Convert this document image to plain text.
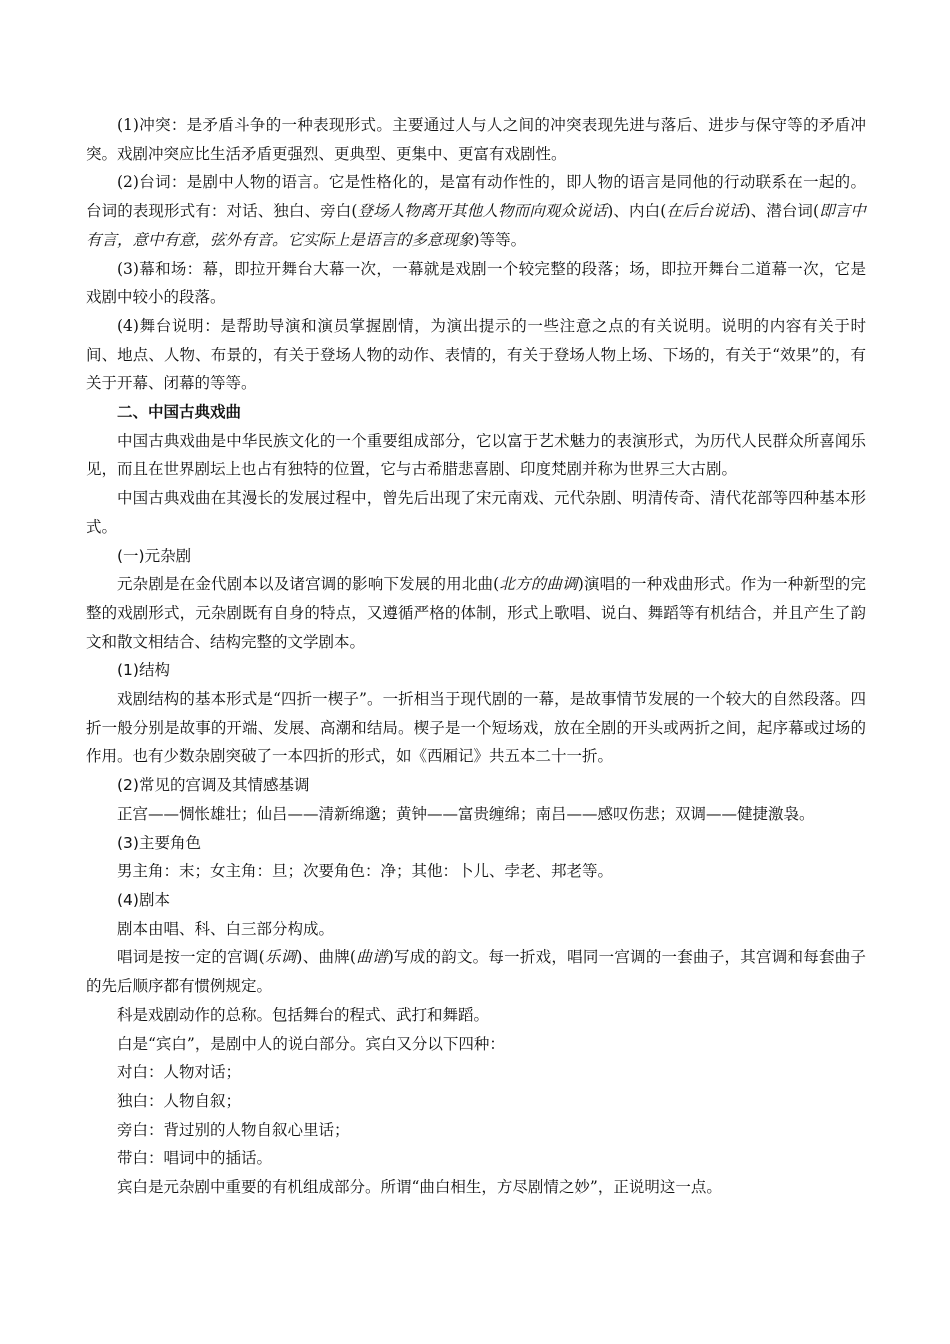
(1)冲突：是矛盾斗争的一种表现形式。主要通过人与人之间的冲突表现先进与落后、进步与保守等的矛盾冲突。戏剧冲突应比生活矛盾更强烈、更典型、更集中、更富有戏剧性。

(2)台词：是剧中人物的语言。它是性格化的，是富有动作性的，即人物的语言是同他的行动联系在一起的。台词的表现形式有：对话、独白、旁白(登场人物离开其他人物而向观众说话)、内白(在后台说话)、潜台词(即言中有言，意中有意，弦外有音。它实际上是语言的多意现象)等等。

(3)幕和场：幕，即拉开舞台大幕一次，一幕就是戏剧一个较完整的段落；场，即拉开舞台二道幕一次，它是戏剧中较小的段落。

(4)舞台说明：是帮助导演和演员掌握剧情，为演出提示的一些注意之点的有关说明。说明的内容有关于时间、地点、人物、布景的，有关于登场人物的动作、表情的，有关于登场人物上场、下场的，有关于“效果”的，有关于开幕、闭幕的等等。

二、中国古典戏曲

中国古典戏曲是中华民族文化的一个重要组成部分，它以富于艺术魅力的表演形式，为历代人民群众所喜闻乐见，而且在世界剧坛上也占有独特的位置，它与古希腊悲喜剧、印度梵剧并称为世界三大古剧。

中国古典戏曲在其漫长的发展过程中，曾先后出现了宋元南戏、元代杂剧、明清传奇、清代花部等四种基本形式。

(一)元杂剧

元杂剧是在金代剧本以及诸宫调的影响下发展的用北曲(北方的曲调)演唱的一种戏曲形式。作为一种新型的完整的戏剧形式，元杂剧既有自身的特点，又遵循严格的体制，形式上歌唱、说白、舞蹈等有机结合，并且产生了韵文和散文相结合、结构完整的文学剧本。

(1)结构

戏剧结构的基本形式是“四折一楔子”。一折相当于现代剧的一幕，是故事情节发展的一个较大的自然段落。四折一般分别是故事的开端、发展、高潮和结局。楔子是一个短场戏，放在全剧的开头或两折之间，起序幕或过场的作用。也有少数杂剧突破了一本四折的形式，如《西厢记》共五本二十一折。

(2)常见的宫调及其情感基调

正宫——惆怅雄壮；仙吕——清新绵邈；黄钟——富贵缠绵；南吕——感叹伤悲；双调——健捷激袅。

(3)主要角色

男主角：末；女主角：旦；次要角色：净；其他：卜儿、孛老、邦老等。

(4)剧本

剧本由唱、科、白三部分构成。

唱词是按一定的宫调(乐调)、曲牌(曲谱)写成的韵文。每一折戏，唱同一宫调的一套曲子，其宫调和每套曲子的先后顺序都有惯例规定。

科是戏剧动作的总称。包括舞台的程式、武打和舞蹈。

白是“宾白”，是剧中人的说白部分。宾白又分以下四种：

对白：人物对话；

独白：人物自叙；

旁白：背过别的人物自叙心里话；

带白：唱词中的插话。

宾白是元杂剧中重要的有机组成部分。所谓“曲白相生，方尽剧情之妙”，正说明这一点。
